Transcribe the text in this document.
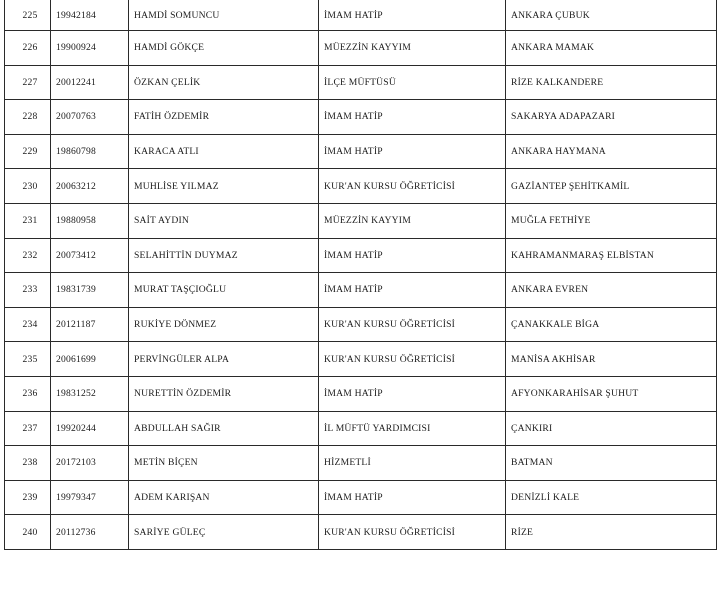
225	19942184	HAMDİ SOMUNCU	İMAM HATİP	ANKARA ÇUBUK
226	19900924	HAMDİ GÖKÇE	MÜEZZİN KAYYIM	ANKARA MAMAK
227	20012241	ÖZKAN ÇELİK	İLÇE MÜFTÜSÜ	RİZE KALKANDERE
228	20070763	FATİH ÖZDEMİR	İMAM HATİP	SAKARYA ADAPAZARI
229	19860798	KARACA ATLI	İMAM HATİP	ANKARA HAYMANA
230	20063212	MUHLİSE YILMAZ	KUR'AN KURSU ÖĞRETİCİSİ	GAZİANTEP ŞEHİTKAMİL
231	19880958	SAİT AYDIN	MÜEZZİN KAYYIM	MUĞLA FETHİYE
232	20073412	SELAHİTTİN DUYMAZ	İMAM HATİP	KAHRAMANMARAŞ ELBİSTAN
233	19831739	MURAT TAŞÇIOĞLU	İMAM HATİP	ANKARA EVREN
234	20121187	RUKİYE DÖNMEZ	KUR'AN KURSU ÖĞRETİCİSİ	ÇANAKKALE BİGA
235	20061699	PERVİNGÜLER ALPA	KUR'AN KURSU ÖĞRETİCİSİ	MANİSA AKHİSAR
236	19831252	NURETTİN ÖZDEMİR	İMAM HATİP	AFYONKARAHİSAR ŞUHUT
237	19920244	ABDULLAH SAĞIR	İL MÜFTÜ YARDIMCISI	ÇANKIRI
238	20172103	METİN BİÇEN	HİZMETLİ	BATMAN
239	19979347	ADEM KARIŞAN	İMAM HATİP	DENİZLİ KALE
240	20112736	SARİYE GÜLEÇ	KUR'AN KURSU ÖĞRETİCİSİ	RİZE
